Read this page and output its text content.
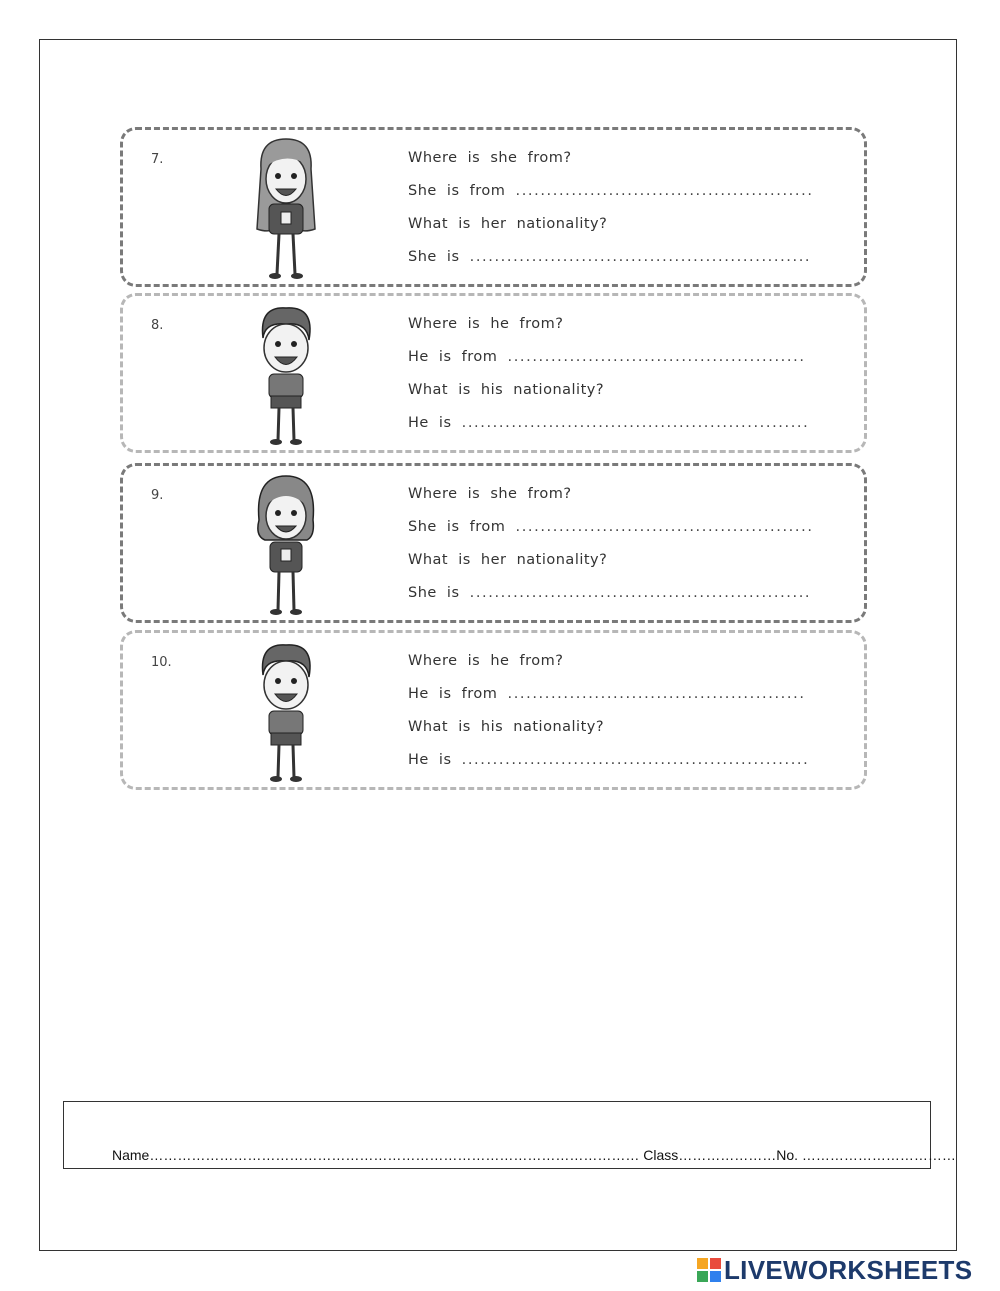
7.	Where is she from?
She is from ................................................
What is her nationality?
She is .......................................................
8.	Where is he from?
He is from ................................................
What is his nationality?
He is ........................................................
9.	Where is she from?
She is from ................................................
What is her nationality?
She is .......................................................
10.	Where is he from?
He is from ................................................
What is his nationality?
He is ........................................................
Name…………………………………………………………………………………………… Class…………………No. ……………………………
LIVEWORKSHEETS
